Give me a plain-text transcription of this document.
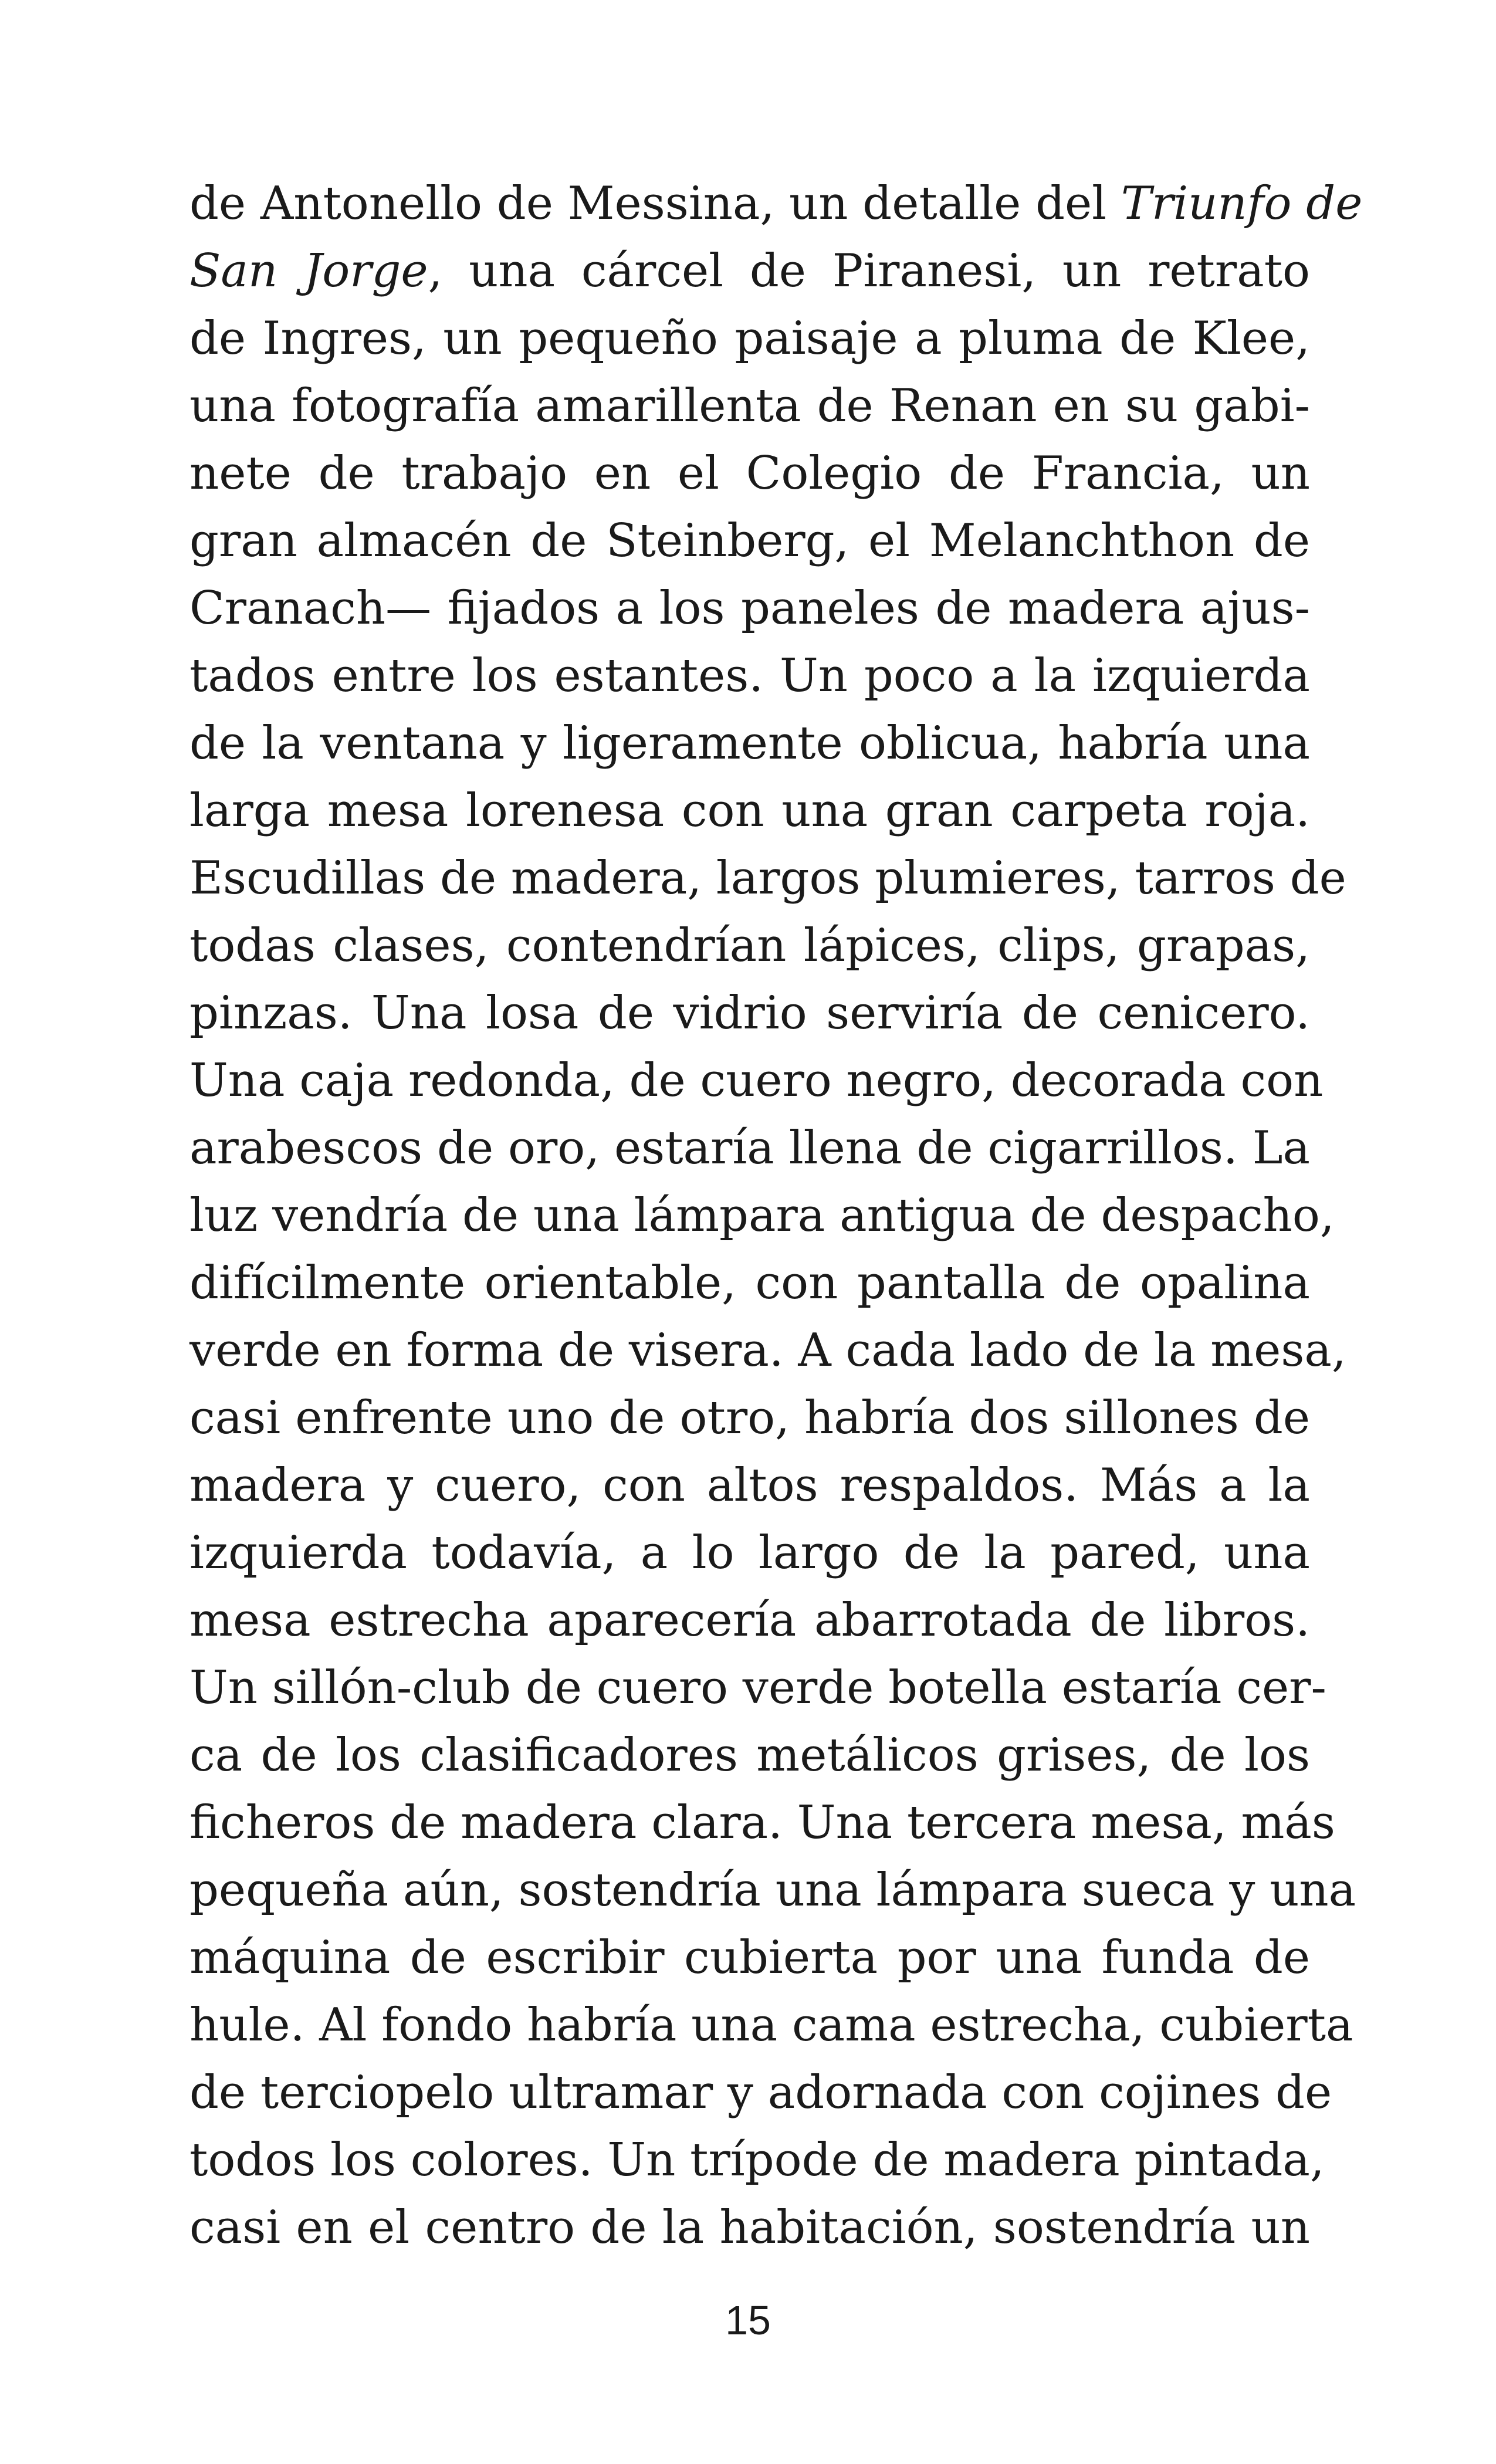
de Antonello de Messina, un detalle del Triunfo de
San Jorge, una cárcel de Piranesi, un retrato
de Ingres, un pequeño paisaje a pluma de Klee,
una fotografía amarillenta de Renan en su gabi-
nete de trabajo en el Colegio de Francia, un
gran almacén de Steinberg, el Melanchthon de
Cranach— fijados a los paneles de madera ajus-
tados entre los estantes. Un poco a la izquierda
de la ventana y ligeramente oblicua, habría una
larga mesa lorenesa con una gran carpeta roja.
Escudillas de madera, largos plumieres, tarros de
todas clases, contendrían lápices, clips, grapas,
pinzas. Una losa de vidrio serviría de cenicero.
Una caja redonda, de cuero negro, decorada con
arabescos de oro, estaría llena de cigarrillos. La
luz vendría de una lámpara antigua de despacho,
difícilmente orientable, con pantalla de opalina
verde en forma de visera. A cada lado de la mesa,
casi enfrente uno de otro, habría dos sillones de
madera y cuero, con altos respaldos. Más a la
izquierda todavía, a lo largo de la pared, una
mesa estrecha aparecería abarrotada de libros.
Un sillón-club de cuero verde botella estaría cer-
ca de los clasificadores metálicos grises, de los
ficheros de madera clara. Una tercera mesa, más
pequeña aún, sostendría una lámpara sueca y una
máquina de escribir cubierta por una funda de
hule. Al fondo habría una cama estrecha, cubierta
de terciopelo ultramar y adornada con cojines de
todos los colores. Un trípode de madera pintada,
casi en el centro de la habitación, sostendría un
15
